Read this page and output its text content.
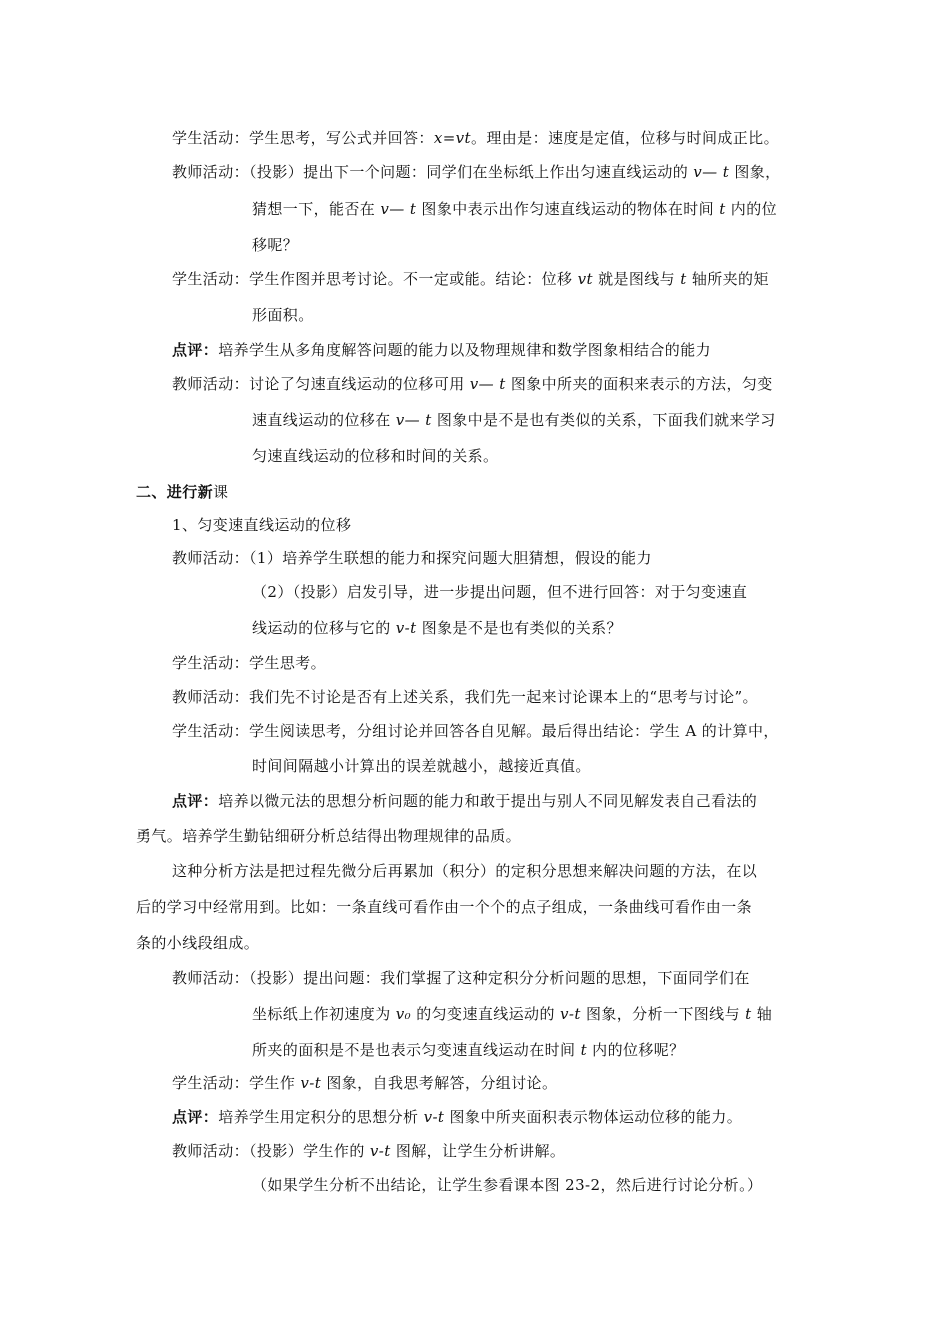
学生活动：学生思考，写公式并回答：x=vt。理由是：速度是定值，位移与时间成正比。
教师活动：（投影）提出下一个问题：同学们在坐标纸上作出匀速直线运动的 v— t 图象，
猜想一下，能否在 v— t 图象中表示出作匀速直线运动的物体在时间 t 内的位
移呢？
学生活动：学生作图并思考讨论。不一定或能。结论：位移 vt 就是图线与 t 轴所夹的矩
形面积。
点评：培养学生从多角度解答问题的能力以及物理规律和数学图象相结合的能力
教师活动：讨论了匀速直线运动的位移可用 v— t 图象中所夹的面积来表示的方法，匀变
速直线运动的位移在 v— t 图象中是不是也有类似的关系，下面我们就来学习
匀速直线运动的位移和时间的关系。
二、进行新课
1、匀变速直线运动的位移
教师活动：（1）培养学生联想的能力和探究问题大胆猜想，假设的能力
（2）（投影）启发引导，进一步提出问题，但不进行回答：对于匀变速直
线运动的位移与它的 v-t 图象是不是也有类似的关系？
学生活动：学生思考。
教师活动：我们先不讨论是否有上述关系，我们先一起来讨论课本上的“思考与讨论”。
学生活动：学生阅读思考，分组讨论并回答各自见解。最后得出结论：学生 A 的计算中，
时间间隔越小计算出的误差就越小，越接近真值。
点评：培养以微元法的思想分析问题的能力和敢于提出与别人不同见解发表自己看法的
勇气。培养学生勤钻细研分析总结得出物理规律的品质。
这种分析方法是把过程先微分后再累加（积分）的定积分思想来解决问题的方法，在以
后的学习中经常用到。比如：一条直线可看作由一个个的点子组成，一条曲线可看作由一条
条的小线段组成。
教师活动：（投影）提出问题：我们掌握了这种定积分分析问题的思想，下面同学们在
坐标纸上作初速度为 v₀ 的匀变速直线运动的 v-t 图象，分析一下图线与 t 轴
所夹的面积是不是也表示匀变速直线运动在时间 t 内的位移呢？
学生活动：学生作 v-t 图象，自我思考解答，分组讨论。
点评：培养学生用定积分的思想分析 v-t 图象中所夹面积表示物体运动位移的能力。
教师活动：（投影）学生作的 v-t 图解，让学生分析讲解。
（如果学生分析不出结论，让学生参看课本图 23-2，然后进行讨论分析。）
